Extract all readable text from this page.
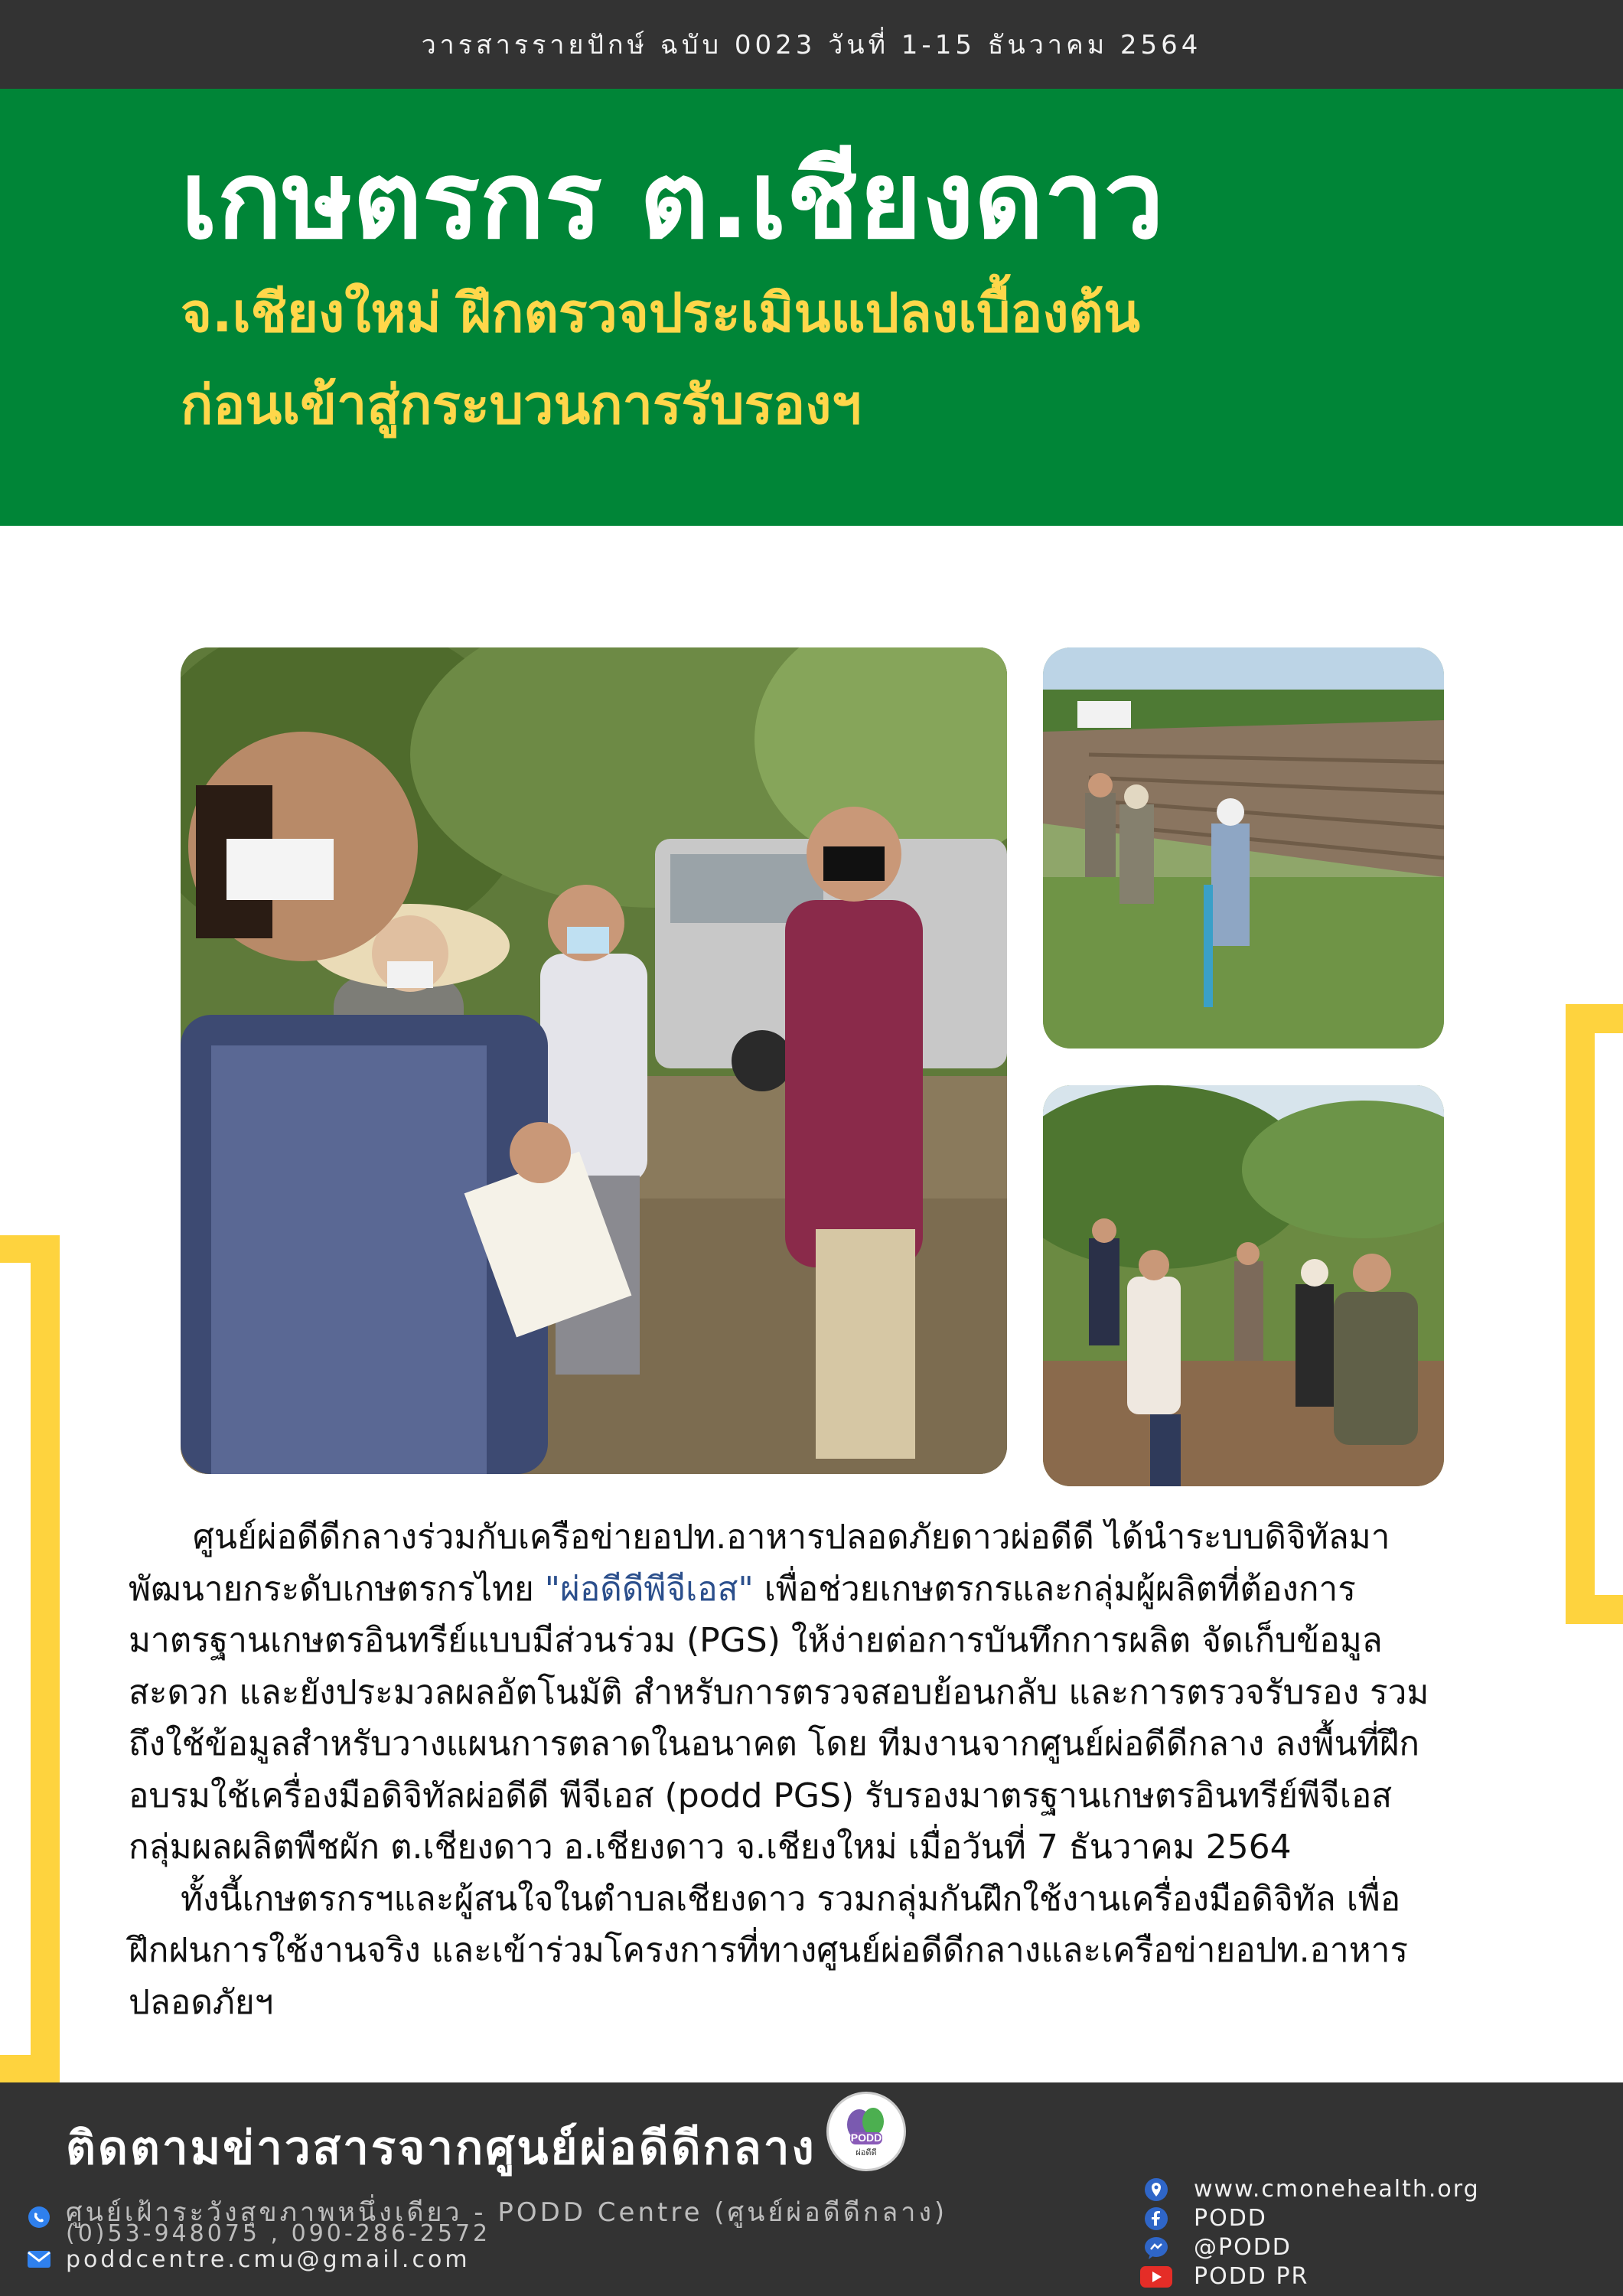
วารสารรายปักษ์ ฉบับ 0023 วันที่ 1-15 ธันวาคม 2564
เกษตรกร ต.เชียงดาว
จ.เชียงใหม่ ฝึกตรวจประเมินแปลงเบื้องต้น
ก่อนเข้าสู่กระบวนการรับรองฯ

ศูนย์ผ่อดีดีกลางร่วมกับเครือข่ายอปท.อาหารปลอดภัยดาวผ่อดีดี ได้นำระบบดิจิทัลมา
พัฒนายกระดับเกษตรกรไทย "ผ่อดีดีพีจีเอส" เพื่อช่วยเกษตรกรและกลุ่มผู้ผลิตที่ต้องการ
มาตรฐานเกษตรอินทรีย์แบบมีส่วนร่วม (PGS) ให้ง่ายต่อการบันทึกการผลิต จัดเก็บข้อมูล
สะดวก และยังประมวลผลอัตโนมัติ สำหรับการตรวจสอบย้อนกลับ และการตรวจรับรอง รวม
ถึงใช้ข้อมูลสำหรับวางแผนการตลาดในอนาคต โดย ทีมงานจากศูนย์ผ่อดีดีกลาง ลงพื้นที่ฝึก
อบรมใช้เครื่องมือดิจิทัลผ่อดีดี พีจีเอส (podd PGS) รับรองมาตรฐานเกษตรอินทรีย์พีจีเอส
กลุ่มผลผลิตพืชผัก ต.เชียงดาว อ.เชียงดาว จ.เชียงใหม่ เมื่อวันที่ 7 ธันวาคม 2564

ทั้งนี้เกษตรกรฯและผู้สนใจในตำบลเชียงดาว รวมกลุ่มกันฝึกใช้งานเครื่องมือดิจิทัล เพื่อ
ฝึกฝนการใช้งานจริง และเข้าร่วมโครงการที่ทางศูนย์ผ่อดีดีกลางและเครือข่ายอปท.อาหาร
ปลอดภัยฯ

ติดตามข่าวสารจากศูนย์ผ่อดีดีกลาง	PODD
ผ่อดีดี
ศูนย์เฝ้าระวังสุขภาพหนึ่งเดียว - PODD Centre (ศูนย์ผ่อดีดีกลาง)
(0)53-948075 , 090-286-2572
poddcentre.cmu@gmail.com
www.cmonehealth.org
PODD
@PODD
PODD PR
